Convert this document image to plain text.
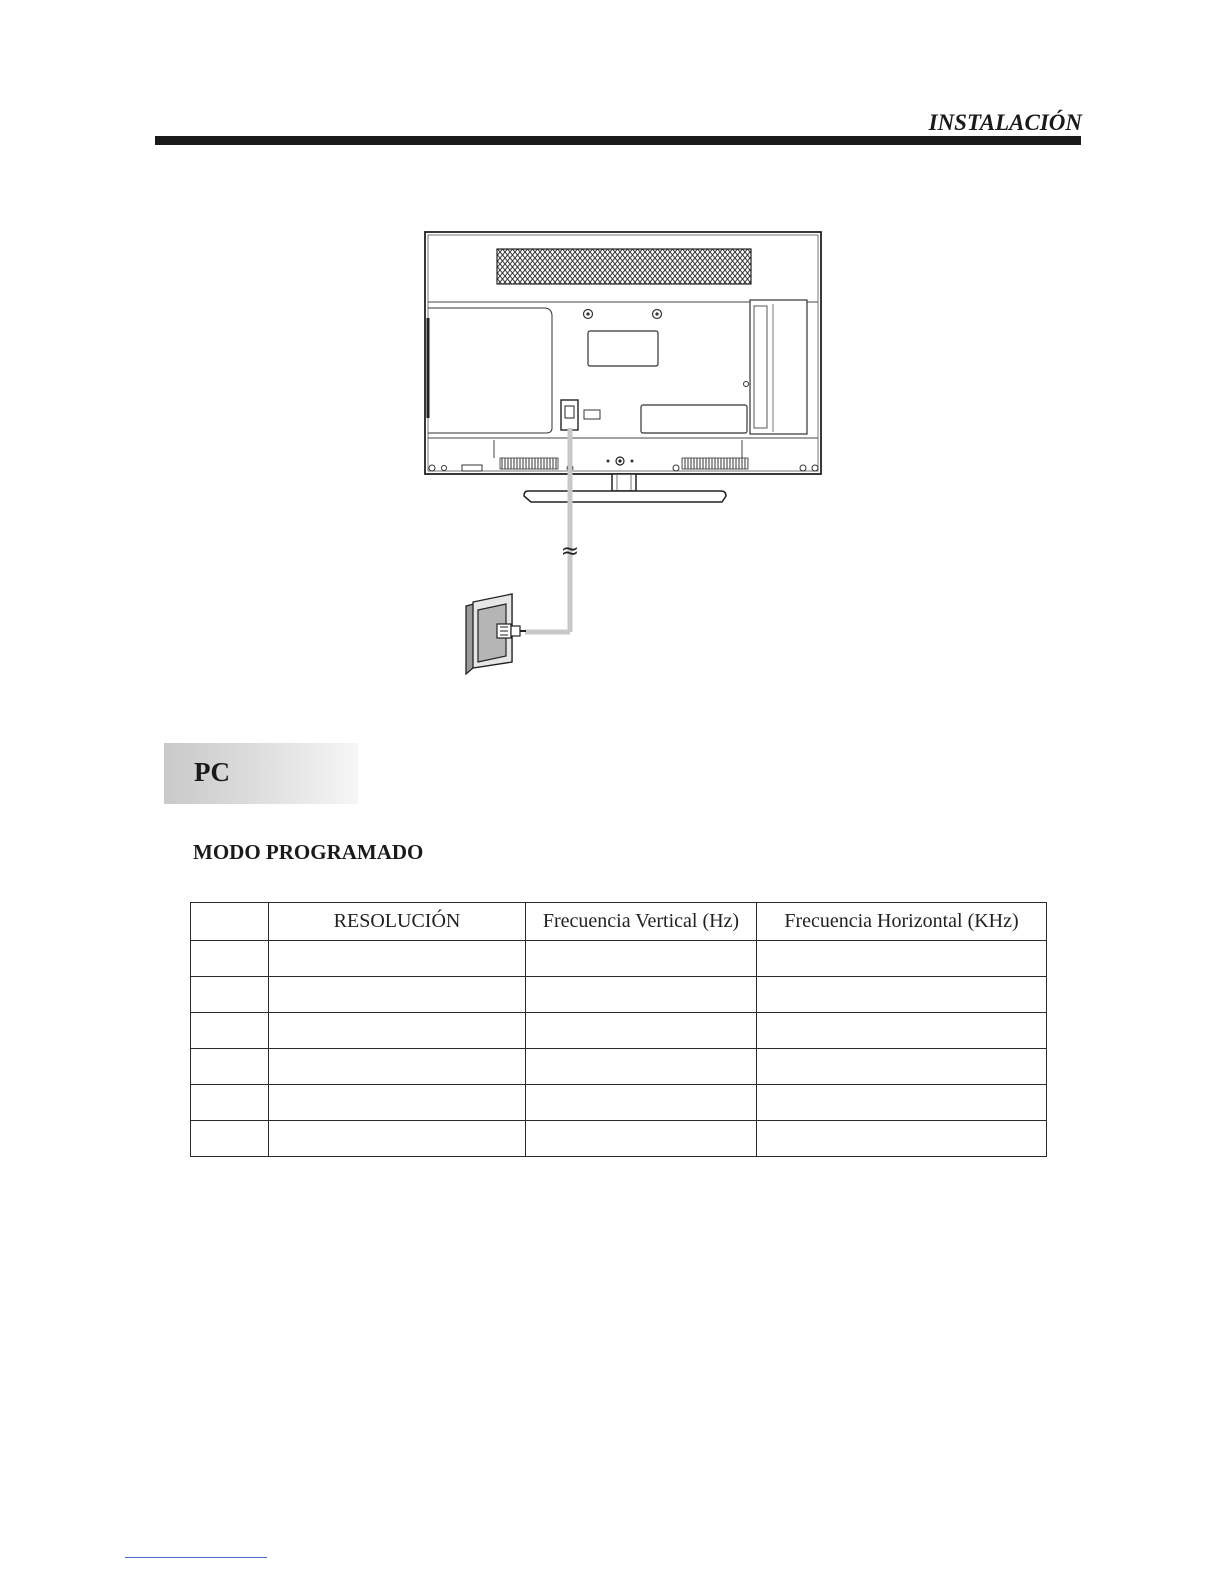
INSTALACIÓN
≈
PC
MODO PROGRAMADO
	RESOLUCIÓN	Frecuencia Vertical (Hz)	Frecuencia Horizontal (KHz)
